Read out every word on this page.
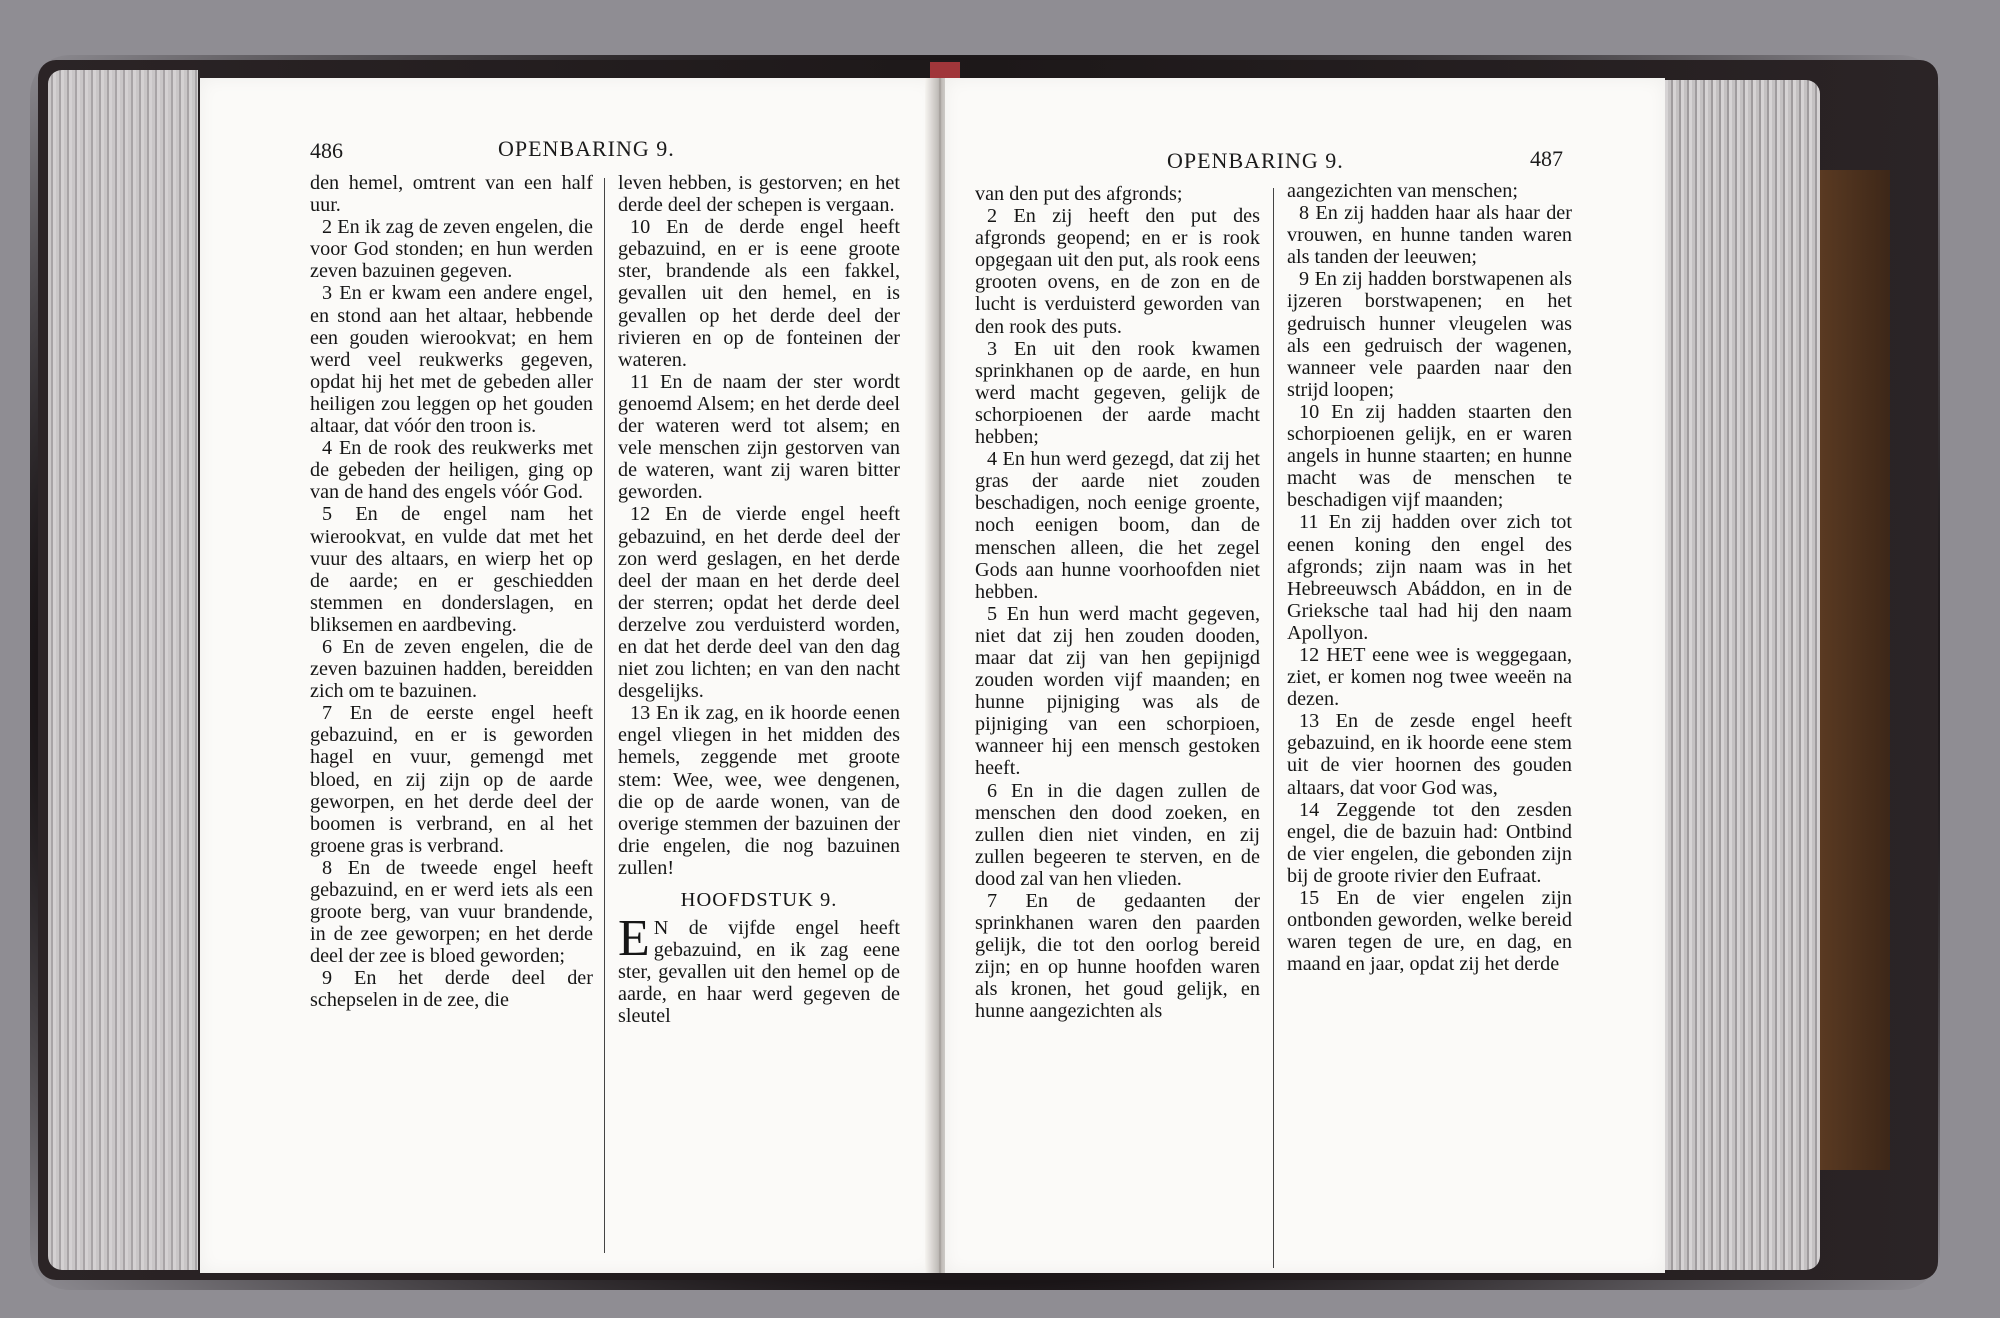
486	OPENBARING 9.

den hemel, omtrent van een half uur.

2 En ik zag de zeven engelen, die voor God stonden; en hun werden zeven bazuinen gegeven.

3 En er kwam een andere engel, en stond aan het altaar, hebbende een gouden wierookvat; en hem werd veel reukwerks gegeven, opdat hij het met de gebeden aller heiligen zou leggen op het gouden altaar, dat vóór den troon is.

4 En de rook des reukwerks met de gebeden der heiligen, ging op van de hand des engels vóór God.

5 En de engel nam het wierookvat, en vulde dat met het vuur des altaars, en wierp het op de aarde; en er geschiedden stemmen en donderslagen, en bliksemen en aardbeving.

6 En de zeven engelen, die de zeven bazuinen hadden, bereidden zich om te bazuinen.

7 En de eerste engel heeft gebazuind, en er is geworden hagel en vuur, gemengd met bloed, en zij zijn op de aarde geworpen, en het derde deel der boomen is verbrand, en al het groene gras is verbrand.

8 En de tweede engel heeft gebazuind, en er werd iets als een groote berg, van vuur brandende, in de zee geworpen; en het derde deel der zee is bloed geworden;

9 En het derde deel der schepselen in de zee, die

leven hebben, is gestorven; en het derde deel der schepen is vergaan.

10 En de derde engel heeft gebazuind, en er is eene groote ster, brandende als een fakkel, gevallen uit den hemel, en is gevallen op het derde deel der rivieren en op de fonteinen der wateren.

11 En de naam der ster wordt genoemd Alsem; en het derde deel der wateren werd tot alsem; en vele menschen zijn gestorven van de wateren, want zij waren bitter geworden.

12 En de vierde engel heeft gebazuind, en het derde deel der zon werd geslagen, en het derde deel der maan en het derde deel der sterren; opdat het derde deel derzelve zou verduisterd worden, en dat het derde deel van den dag niet zou lichten; en van den nacht desgelijks.

13 En ik zag, en ik hoorde eenen engel vliegen in het midden des hemels, zeggende met groote stem: Wee, wee, wee dengenen, die op de aarde wonen, van de overige stemmen der bazuinen der drie engelen, die nog bazuinen zullen!

HOOFDSTUK 9.

E N de vijfde engel heeft gebazuind, en ik zag eene ster, gevallen uit den hemel op de aarde, en haar werd gegeven de sleutel

OPENBARING 9.	487

van den put des afgronds;

2 En zij heeft den put des afgronds geopend; en er is rook opgegaan uit den put, als rook eens grooten ovens, en de zon en de lucht is verduisterd geworden van den rook des puts.

3 En uit den rook kwamen sprinkhanen op de aarde, en hun werd macht gegeven, gelijk de schorpioenen der aarde macht hebben;

4 En hun werd gezegd, dat zij het gras der aarde niet zouden beschadigen, noch eenige groente, noch eenigen boom, dan de menschen alleen, die het zegel Gods aan hunne voorhoofden niet hebben.

5 En hun werd macht gegeven, niet dat zij hen zouden dooden, maar dat zij van hen gepijnigd zouden worden vijf maanden; en hunne pijniging was als de pijniging van een schorpioen, wanneer hij een mensch gestoken heeft.

6 En in die dagen zullen de menschen den dood zoeken, en zullen dien niet vinden, en zij zullen begeeren te sterven, en de dood zal van hen vlieden.

7 En de gedaanten der sprinkhanen waren den paarden gelijk, die tot den oorlog bereid zijn; en op hunne hoofden waren als kronen, het goud gelijk, en hunne aangezichten als

aangezichten van menschen;

8 En zij hadden haar als haar der vrouwen, en hunne tanden waren als tanden der leeuwen;

9 En zij hadden borstwapenen als ijzeren borstwapenen; en het gedruisch hunner vleugelen was als een gedruisch der wagenen, wanneer vele paarden naar den strijd loopen;

10 En zij hadden staarten den schorpioenen gelijk, en er waren angels in hunne staarten; en hunne macht was de menschen te beschadigen vijf maanden;

11 En zij hadden over zich tot eenen koning den engel des afgronds; zijn naam was in het Hebreeuwsch Abáddon, en in de Grieksche taal had hij den naam Apollyon.

12 HET eene wee is weggegaan, ziet, er komen nog twee weeën na dezen.

13 En de zesde engel heeft gebazuind, en ik hoorde eene stem uit de vier hoornen des gouden altaars, dat voor God was,

14 Zeggende tot den zesden engel, die de bazuin had: Ontbind de vier engelen, die gebonden zijn bij de groote rivier den Eufraat.

15 En de vier engelen zijn ontbonden geworden, welke bereid waren tegen de ure, en dag, en maand en jaar, opdat zij het derde
